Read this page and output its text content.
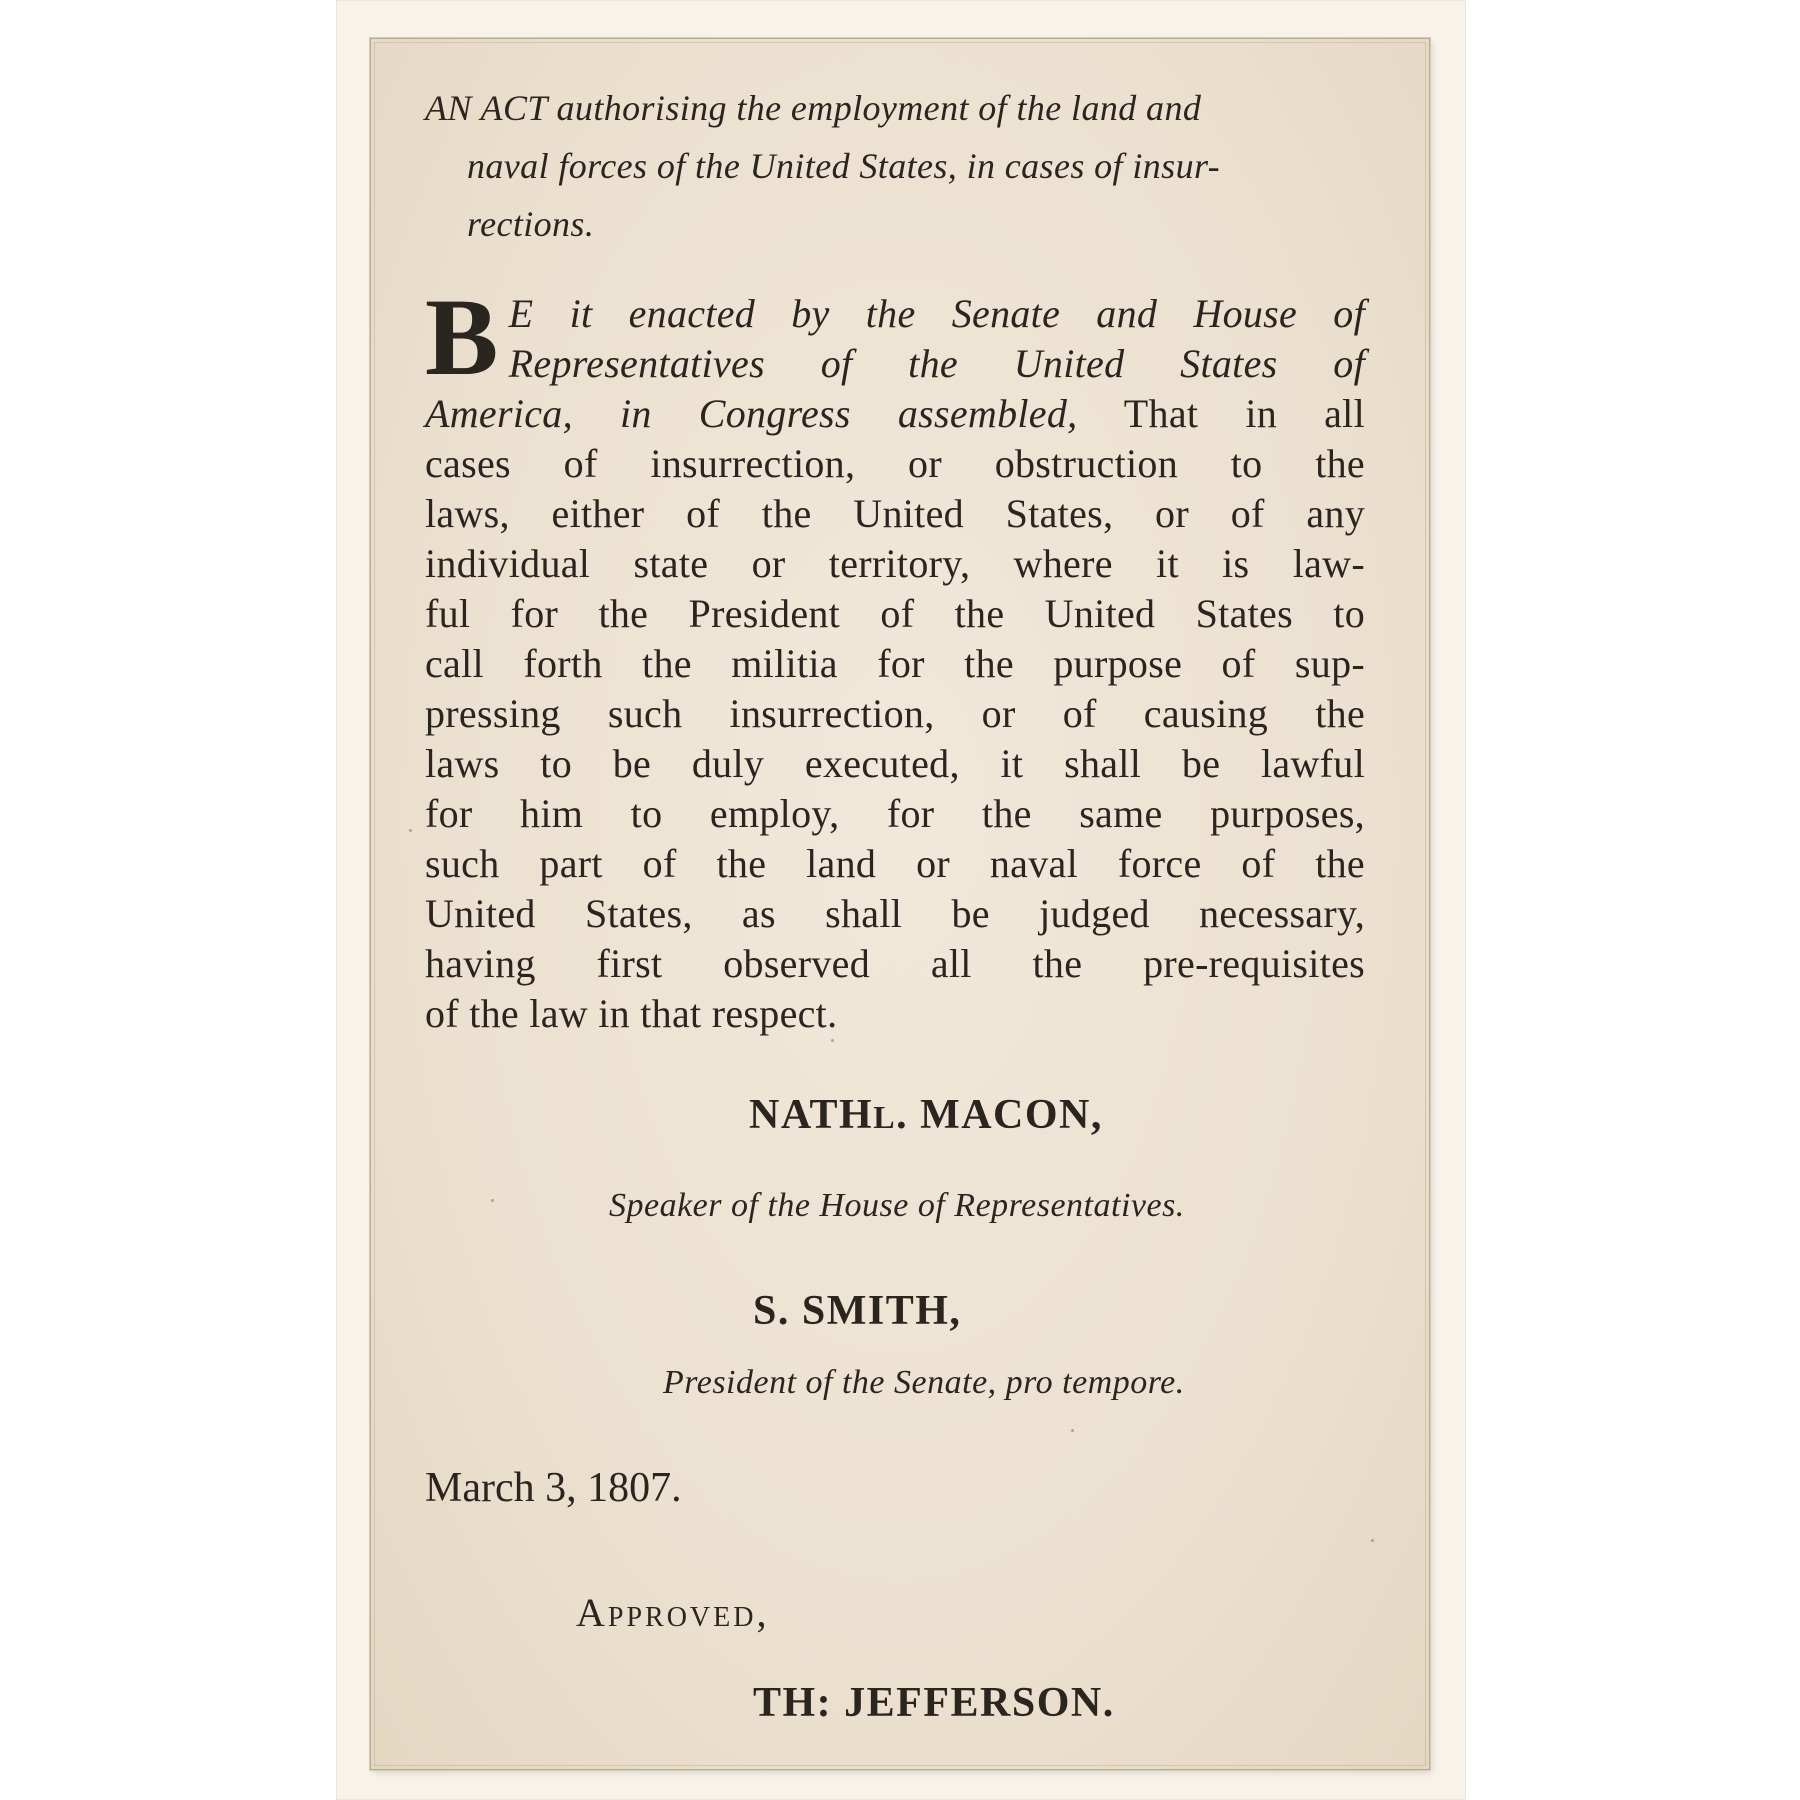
AN ACT authorising the employment of the land and
naval forces of the United States, in cases of insur-
rections.

B E it enacted by the Senate and House of
Representatives of the United States of
America, in Congress assembled, That in all
cases of insurrection, or obstruction to the
laws, either of the United States, or of any
individual state or territory, where it is law-
ful for the President of the United States to
call forth the militia for the purpose of sup-
pressing such insurrection, or of causing the
laws to be duly executed, it shall be lawful
for him to employ, for the same purposes,
such part of the land or naval force of the
United States, as shall be judged necessary,
having first observed all the pre-requisites
of the law in that respect.

NATHL. MACON,

Speaker of the House of Representatives.

S. SMITH,

President of the Senate, pro tempore.

March 3, 1807.

Approved,

TH: JEFFERSON.
